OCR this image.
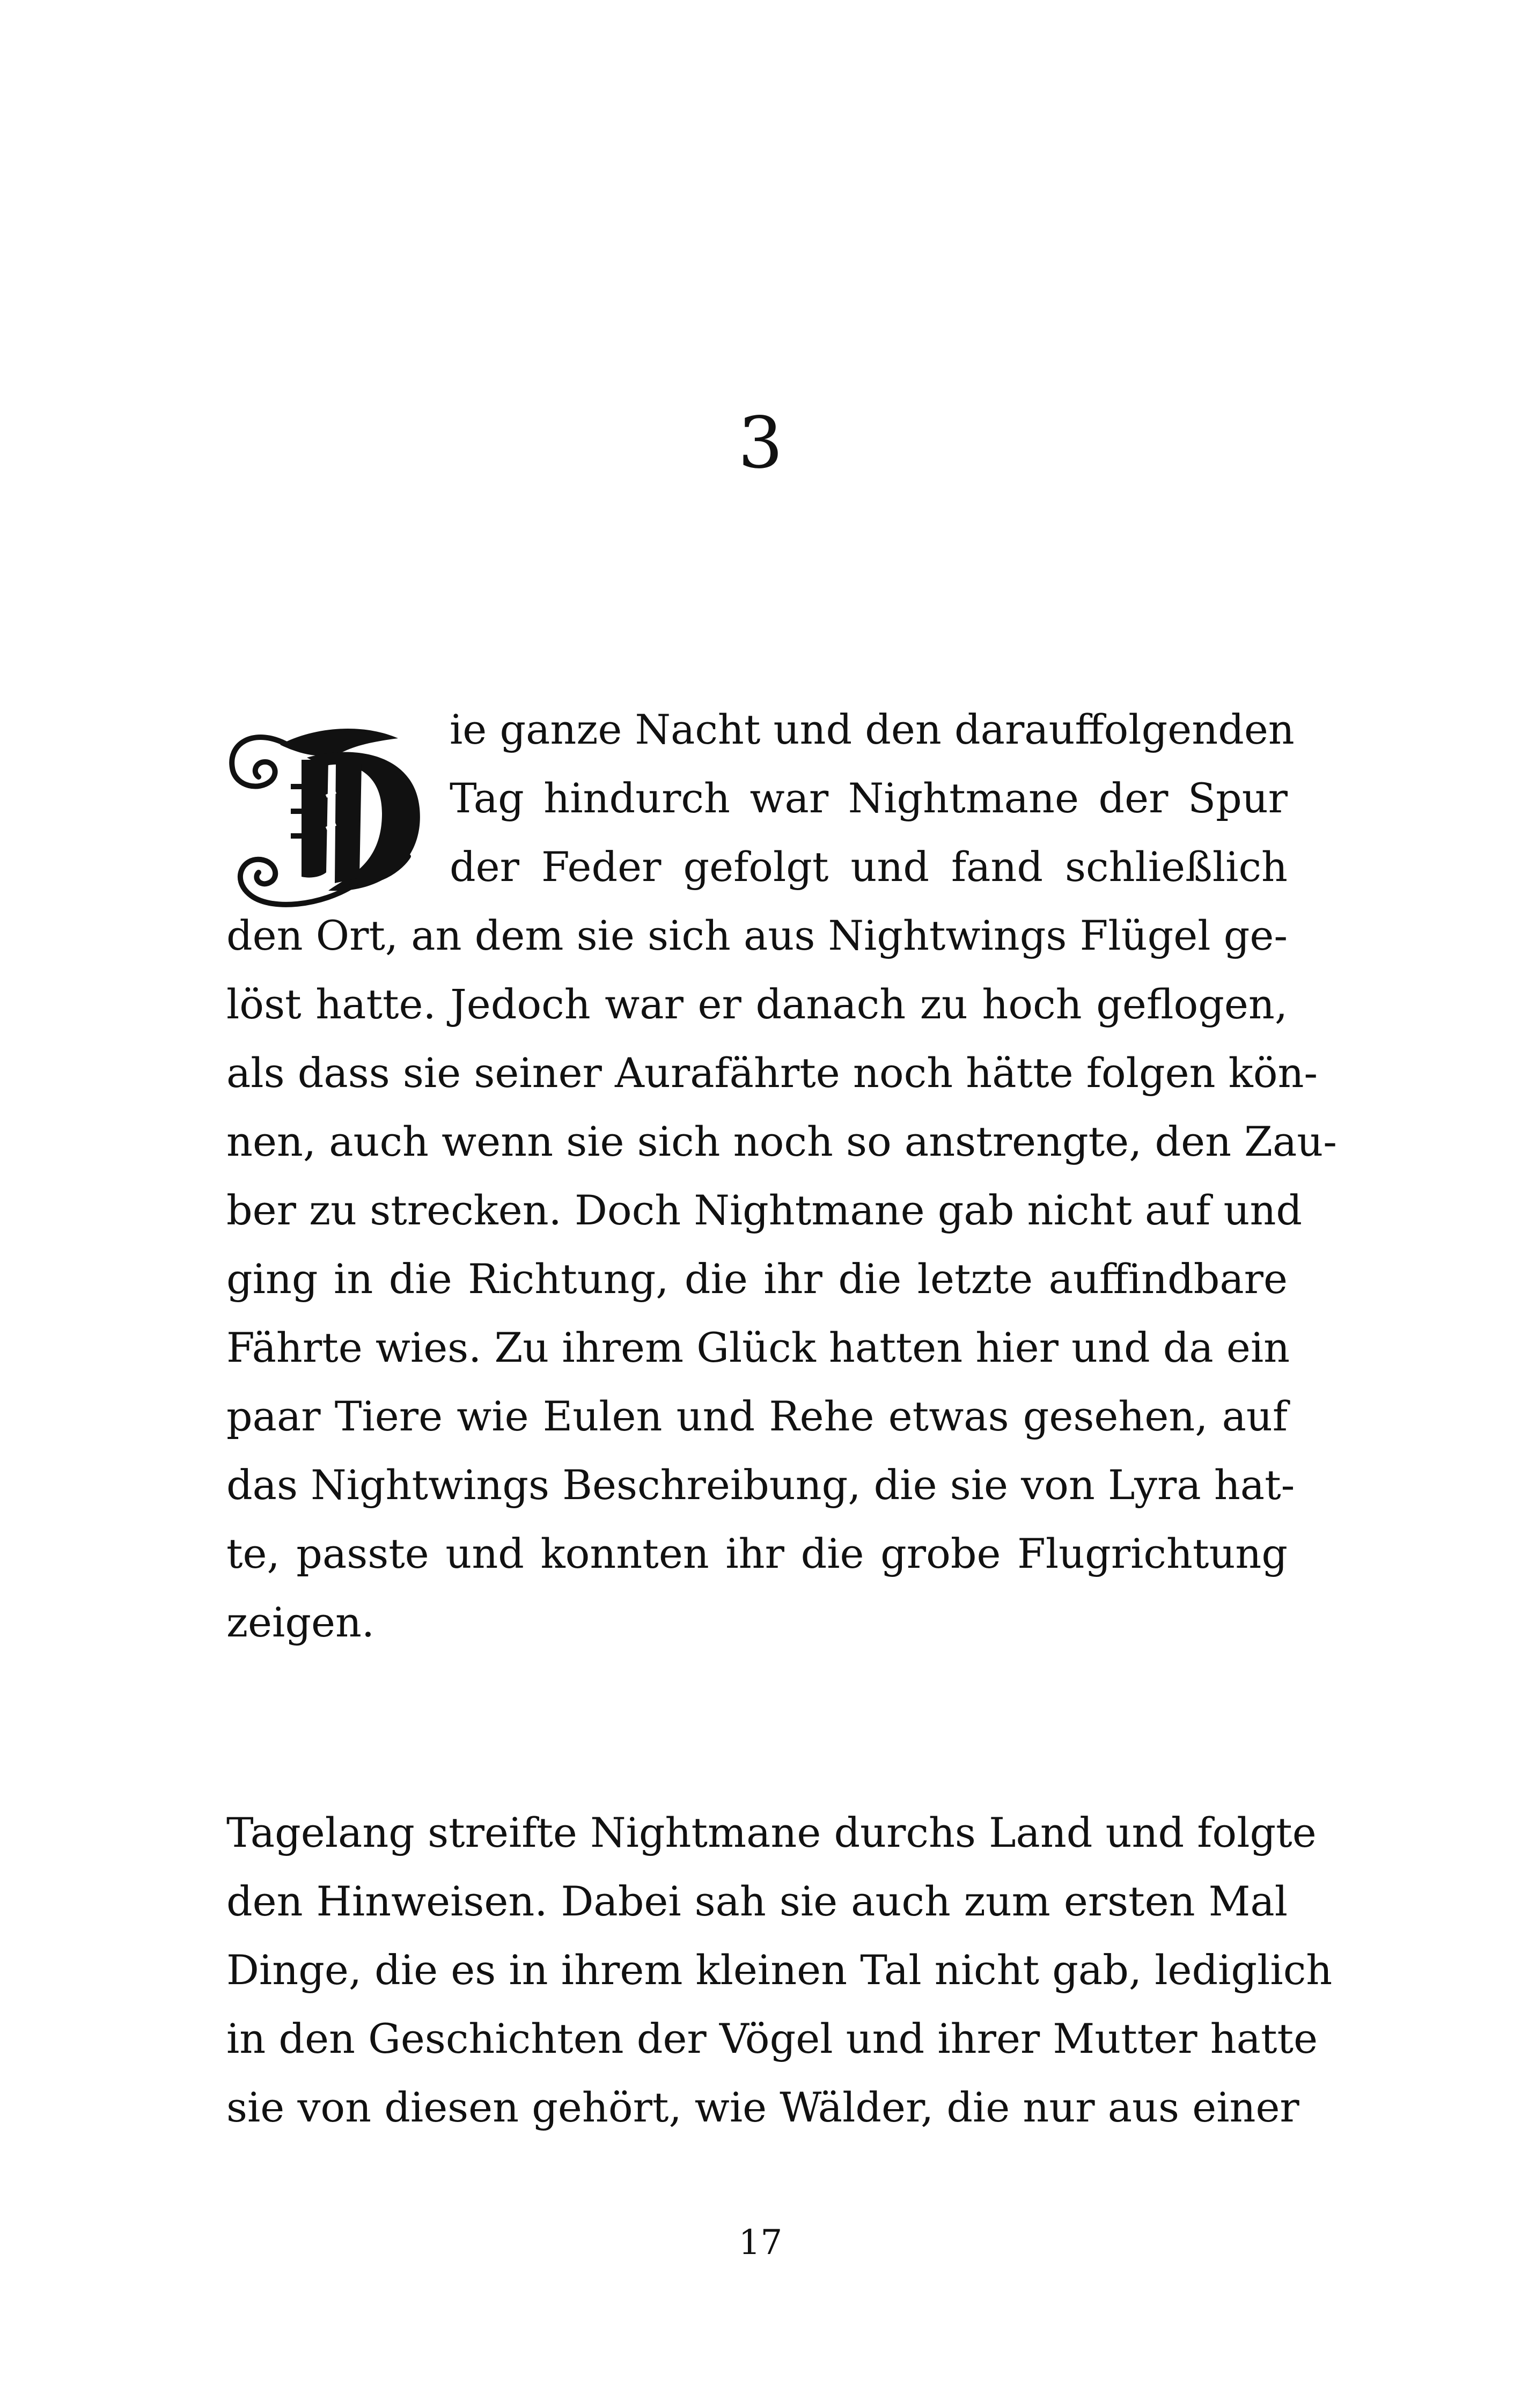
3
ie ganze Nacht und den darauffolgenden
Tag hindurch war Nightmane der Spur
der Feder gefolgt und fand schließlich
den Ort, an dem sie sich aus Nightwings Flügel ge-
löst hatte. Jedoch war er danach zu hoch geflogen,
als dass sie seiner Aurafährte noch hätte folgen kön-
nen, auch wenn sie sich noch so anstrengte, den Zau-
ber zu strecken. Doch Nightmane gab nicht auf und
ging in die Richtung, die ihr die letzte auffindbare
Fährte wies. Zu ihrem Glück hatten hier und da ein
paar Tiere wie Eulen und Rehe etwas gesehen, auf
das Nightwings Beschreibung, die sie von Lyra hat-
te, passte und konnten ihr die grobe Flugrichtung
zeigen.
Tagelang streifte Nightmane durchs Land und folgte
den Hinweisen. Dabei sah sie auch zum ersten Mal
Dinge, die es in ihrem kleinen Tal nicht gab, lediglich
in den Geschichten der Vögel und ihrer Mutter hatte
sie von diesen gehört, wie Wälder, die nur aus einer
17
